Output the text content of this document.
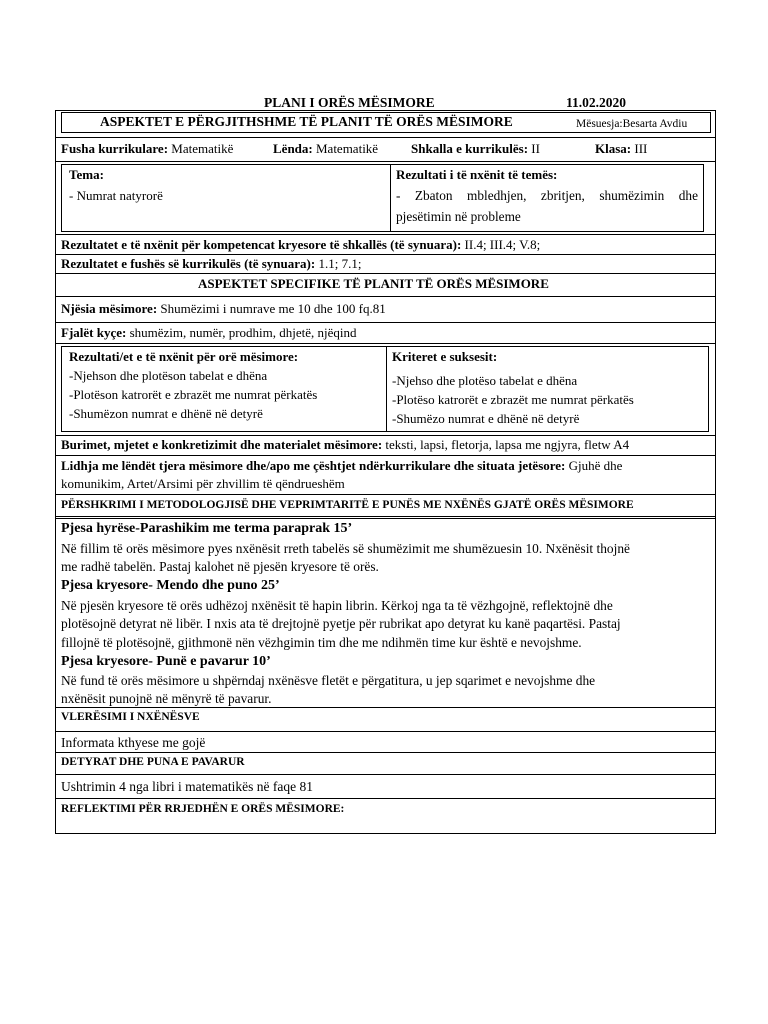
PLANI I ORËS MËSIMORE	11.02.2020
ASPEKTET E PËRGJITHSHME TË PLANIT TË ORËS MËSIMORE	Mësuesja:Besarta Avdiu
Fusha kurrikulare: Matematikë	Lënda: Matematikë	Shkalla e kurrikulës: II	Klasa: III
Tema:
- Numrat natyrorë
Rezultati i të nxënit të temës:
- Zbaton mbledhjen, zbritjen, shumëzimin dhe
pjesëtimin në probleme
Rezultatet e të nxënit për kompetencat kryesore të shkallës (të synuara): II.4; III.4; V.8;
Rezultatet e fushës së kurrikulës (të synuara): 1.1; 7.1;
ASPEKTET SPECIFIKE TË PLANIT TË ORËS MËSIMORE
Njësia mësimore: Shumëzimi i numrave me 10 dhe 100 fq.81
Fjalët kyçe: shumëzim, numër, prodhim, dhjetë, njëqind
Rezultati/et e të nxënit për orë mësimore:
-Njehson dhe plotëson tabelat e dhëna
-Plotëson katrorët e zbrazët me numrat përkatës
-Shumëzon numrat e dhënë në detyrë
Kriteret e suksesit:
-Njehso dhe plotëso tabelat e dhëna
-Plotëso katrorët e zbrazët me numrat përkatës
-Shumëzo numrat e dhënë në detyrë
Burimet, mjetet e konkretizimit dhe materialet mësimore: teksti, lapsi, fletorja, lapsa me ngjyra, fletw A4
Lidhja me lëndët tjera mësimore dhe/apo me çështjet ndërkurrikulare dhe situata jetësore: Gjuhë dhe
komunikim, Artet/Arsimi për zhvillim të qëndrueshëm
PËRSHKRIMI I METODOLOGJISË DHE VEPRIMTARITË E PUNËS ME NXËNËS GJATË ORËS MËSIMORE
Pjesa hyrëse-Parashikim me terma paraprak 15’
Në fillim të orës mësimore pyes nxënësit rreth tabelës së shumëzimit me shumëzuesin 10. Nxënësit thojnë
me radhë tabelën. Pastaj kalohet në pjesën kryesore të orës.
Pjesa kryesore- Mendo dhe puno 25’
Në pjesën kryesore të orës udhëzoj nxënësit të hapin librin. Kërkoj nga ta të vëzhgojnë, reflektojnë dhe
plotësojnë detyrat në libër. I nxis ata të drejtojnë pyetje për rubrikat apo detyrat ku kanë paqartësi. Pastaj
fillojnë të plotësojnë, gjithmonë nën vëzhgimin tim dhe me ndihmën time kur është e nevojshme.
Pjesa kryesore- Punë e pavarur 10’
Në fund të orës mësimore u shpërndaj nxënësve fletët e përgatitura, u jep sqarimet e nevojshme dhe
nxënësit punojnë në mënyrë të pavarur.
VLERËSIMI I NXËNËSVE
Informata kthyese me gojë
DETYRAT DHE PUNA E PAVARUR
Ushtrimin 4 nga libri i matematikës në faqe 81
REFLEKTIMI PËR RRJEDHËN E ORËS MËSIMORE:
